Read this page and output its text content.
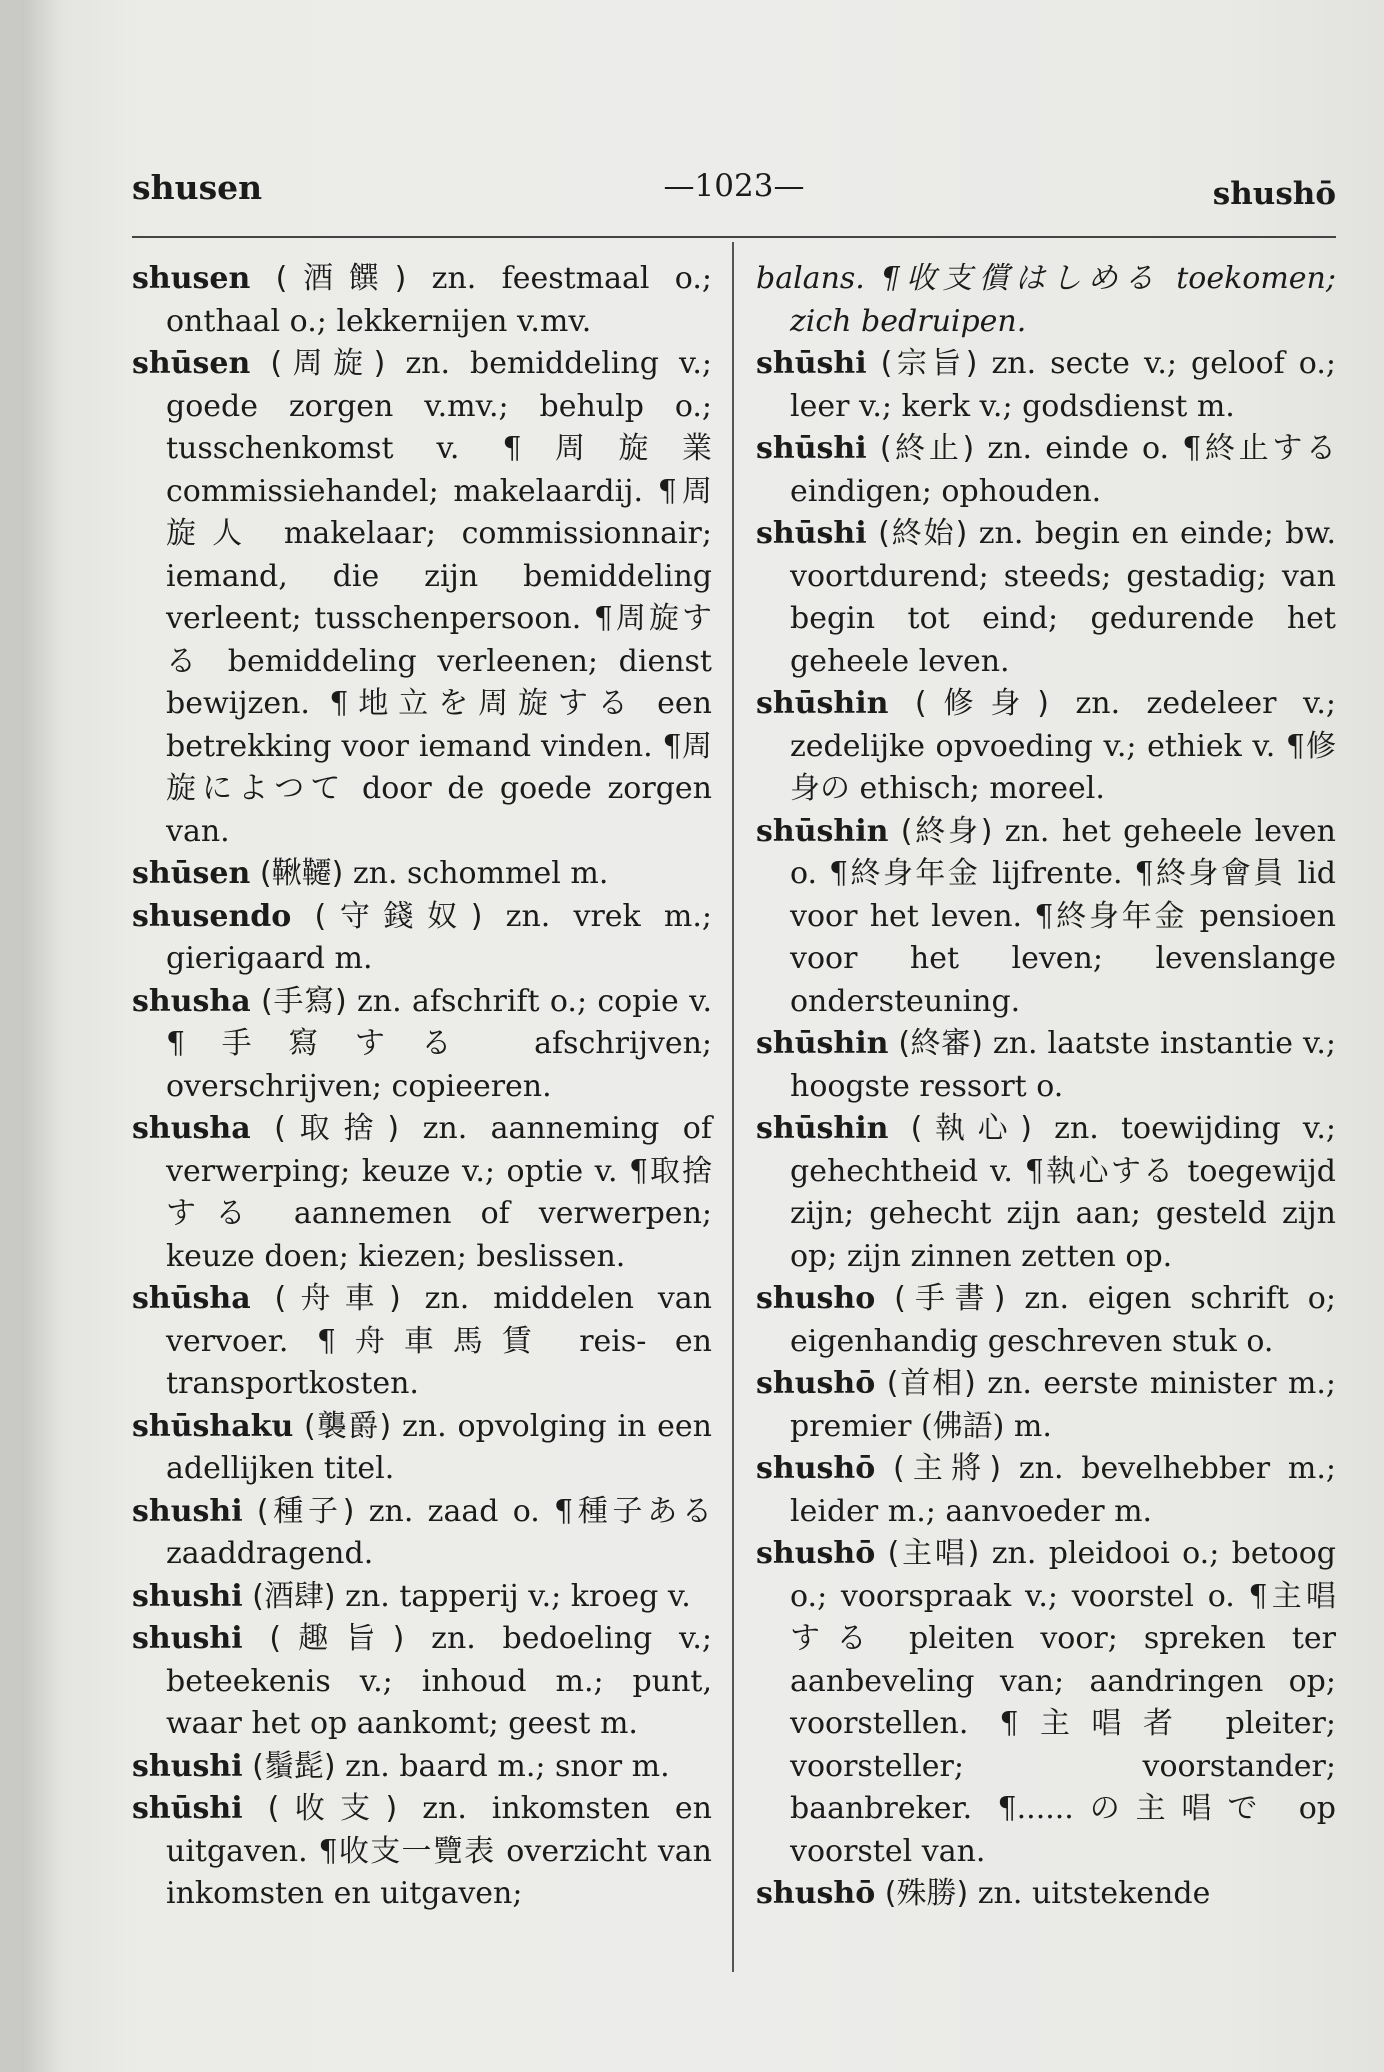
shusen	—1023—	shushō

shusen (酒饌) zn. feestmaal o.; onthaal o.; lekkernijen v.mv.

shūsen (周旋) zn. bemiddeling v.; goede zorgen v.mv.; behulp o.; tusschenkomst v. ¶周旋業 commissiehandel; makelaardij. ¶周旋人 makelaar; commissionnair; iemand, die zijn bemiddeling verleent; tusschenpersoon. ¶周旋する bemiddeling verleenen; dienst bewijzen. ¶地立を周旋する een betrekking voor iemand vinden. ¶周旋によつて door de goede zorgen van.

shūsen (鞦韆) zn. schommel m.

shusendo (守錢奴) zn. vrek m.; gierigaard m.

shusha (手寫) zn. afschrift o.; copie v. ¶手寫する afschrijven; overschrijven; copieeren.

shusha (取捨) zn. aanneming of verwerping; keuze v.; optie v. ¶取捨する aannemen of verwerpen; keuze doen; kiezen; beslissen.

shūsha (舟車) zn. middelen van vervoer. ¶舟車馬賃 reis- en transportkosten.

shūshaku (襲爵) zn. opvolging in een adellijken titel.

shushi (種子) zn. zaad o. ¶種子ある zaaddragend.

shushi (酒肆) zn. tapperij v.; kroeg v.

shushi (趣旨) zn. bedoeling v.; beteekenis v.; inhoud m.; punt, waar het op aankomt; geest m.

shushi (鬚髭) zn. baard m.; snor m.

shūshi (收支) zn. inkomsten en uitgaven. ¶收支一覽表 overzicht van inkomsten en uitgaven;

balans. ¶收支償はしめる toekomen; zich bedruipen.

shūshi (宗旨) zn. secte v.; geloof o.; leer v.; kerk v.; godsdienst m.

shūshi (終止) zn. einde o. ¶終止する eindigen; ophouden.

shūshi (終始) zn. begin en einde; bw. voortdurend; steeds; gestadig; van begin tot eind; gedurende het geheele leven.

shūshin (修身) zn. zedeleer v.; zedelijke opvoeding v.; ethiek v. ¶修身の ethisch; moreel.

shūshin (終身) zn. het geheele leven o. ¶終身年金 lijfrente. ¶終身會員 lid voor het leven. ¶終身年金 pensioen voor het leven; levenslange ondersteuning.

shūshin (終審) zn. laatste instantie v.; hoogste ressort o.

shūshin (執心) zn. toewijding v.; gehechtheid v. ¶執心する toegewijd zijn; gehecht zijn aan; gesteld zijn op; zijn zinnen zetten op.

shusho (手書) zn. eigen schrift o; eigenhandig geschreven stuk o.

shushō (首相) zn. eerste minister m.; premier (佛語) m.

shushō (主將) zn. bevelhebber m.; leider m.; aanvoeder m.

shushō (主唱) zn. pleidooi o.; betoog o.; voorspraak v.; voorstel o. ¶主唱する pleiten voor; spreken ter aanbeveling van; aandringen op; voorstellen. ¶主唱者 pleiter; voorsteller; voorstander; baanbreker. ¶......の主唱で op voorstel van.

shushō (殊勝) zn. uitstekende
